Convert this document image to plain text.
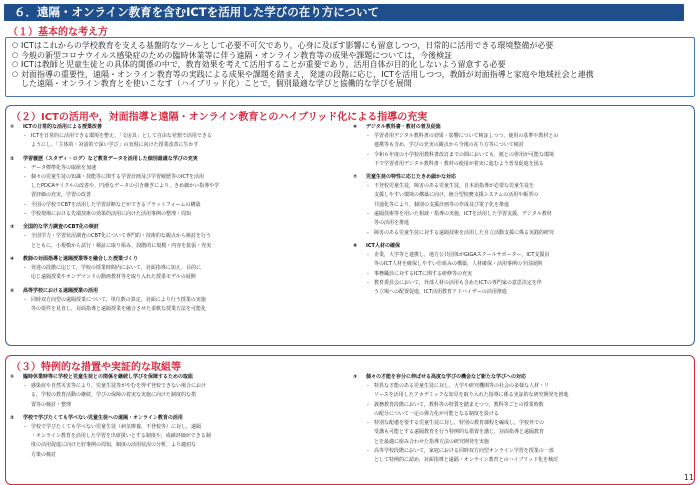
６．遠隔・オンライン教育を含むICTを活用した学びの在り方について
（１）基本的な考え方
○ ICTはこれからの学校教育を支える基盤的なツールとして必要不可欠であり，心身に及ぼす影響にも留意しつつ，日常的に活用できる環境整備が必要
○ 今般の新型コロナウイルス感染症のための臨時休業等に伴う遠隔・オンライン教育等の成果や課題については，今後検証
○ ICTは教師と児童生徒との具体的関係の中で，教育効果を考えて活用することが重要であり，活用自体が目的化しないよう留意する必要
○ 対面指導の重要性，遠隔・オンライン教育等の実践による成果や課題を踏まえ，発達の段階に応じ，ICTを活用しつつ，教師が対面指導と家庭や地域社会と連携
した遠隔・オンライン教育とを使いこなす（ハイブリッド化）ことで，個別最適な学びと協働的な学びを展開
（２）ICTの活用や，対面指導と遠隔・オンライン教育とのハイブリッド化による指導の充実
① ICTの日常的な活用による授業改善
- ICTを日常的に活用できる環境を整え，「文房具」として自由な発想で活用できる
ようにし，「主体的・対話的で深い学び」の実現に向けた授業改善に生かす
② 学習履歴（スタディ・ログ）など教育データを活用した個別最適な学びの充実
- データ標準化等の取組を加速
- 個々の児童生徒の知識・技能等に関する学習計画及び学習履歴等のICTを活用
したPDCAサイクルの改善や，円滑なデータの引き継ぎにより，きめ細かい指導や学
習評価の充実，学習の改善
- 全国の学校でCBTを活用した学習診断などができるプラットフォームの構築
- 学校現場における先端技術の効果的活用に向けた活用事例の整理・周知
③ 全国的な学力調査のCBT化の検討
- 全国学力・学習状況調査のCBT化について専門的・技術的な観点から検討を行う
とともに，小規模から試行・検証に取り組み，段階的に規模・内容を拡張・充実
④ 教師の対面指導と遠隔授業等を融合した授業づくり
- 発達の段階に応じて，学校の授業時間内において，対面指導に加え，目的に
応じ遠隔授業やオンデマンドの動画教材等を取り入れた授業モデルの展開
⑤ 高等学校における遠隔授業の活用
- 同時双方向型の遠隔授業について，単位数の算定，対面により行う授業の実施
等の要件を見直し，対面指導と遠隔授業を融合させた柔軟な授業方法を可能化
⑥ デジタル教科書・教材の普及促進
- 学習者用デジタル教科書の効果・影響について検証しつつ，使用の基準や教材との
連携等も含め，学びの充実の観点から今後の在り方等について検討
- 令和６年度の小学校用教科書改訂までの間においても，紙との併用が可能な環境
下で学習者用デジタル教科書・教材の使用が着実に進むよう普及促進を図る
⑦ 児童生徒の特性に応じたきめ細かな対応
- 不登校児童生徒，障害のある児童生徒，日本語指導が必要な児童生徒を
支援しやすい環境の構築に向け，統合型校務支援システムの活用や帳票の
共通化等により，個別の支援計画等の作成及び電子化を推進
- 遠隔技術等を用いた相談・指導の実施，ICTを活用した学習支援，デジタル教材
等の活用を推進
- 障害のある児童生徒に対する遠隔技術を活用した自立活動支援に係る実践的研究
⑧ ICT人材の確保
- 企業，大学等と連携し，地方公共団体がGIGAスクールサポーター，ICT支援員
等のICT人材を確保しやすい仕組みの構築，人材確保・活用事例の全国展開
- 事務職員に対するICTに関する研修等の充実
- 教育委員会において，外部人材の活用も含めたICTの専門家の意思決定を伴
う立場への配置促進，ICT活用教育アドバイザーの活用推進
（３）特例的な措置や実証的な取組等
① 臨時休業時等に学校と児童生徒との関係を継続し学びを保障するための取組
- 感染症や自然災害等により，児童生徒等がやむを得ず登校できない場合におけ
る，学校の教育活動の継続，学びの保障の着実な実施に向けた制度的な措
置等の検討・整理
② 学校で学びたくても学べない児童生徒への遠隔・オンライン教育の活用
- 学校で学びたくても学べない児童生徒（病気療養，不登校等）に対し，遠隔
・オンライン教育を活用した学習を出席扱いとする制度や，成績評価ができる制
度の活用促進に向けた好事例の周知，制度の活用状況の分析，より適切な
方策の検討
③ 個々の才能を存分に伸ばせる高度な学びの機会など新たな学びへの対応
- 特異な才能のある児童生徒に対し，大学や研究機関等の社会の多様な人材・リ
ソースを活用したアカデミックな知見を取り入れた指導に係る実証的な研究開発を推進
- 義務教育段階において，教科等の特質を踏まえつつ，教科等ごとの授業時数
の配分について一定の弾力化が可能となる制度を設ける
- 特別な配慮を要する児童生徒に対し，特別の教育課程を編成し，学校外での
受講も可能とする遠隔教育を行う特例的な措置を講じ，対面指導と遠隔教育
とを最適に組み合わせた指導方法の研究開発を実施
- 高等学校段階において，家庭における同時双方向型オンライン学習を授業の一部
として特例的に認め，対面指導と遠隔・オンライン教育とのハイブリッド化を検討
11
